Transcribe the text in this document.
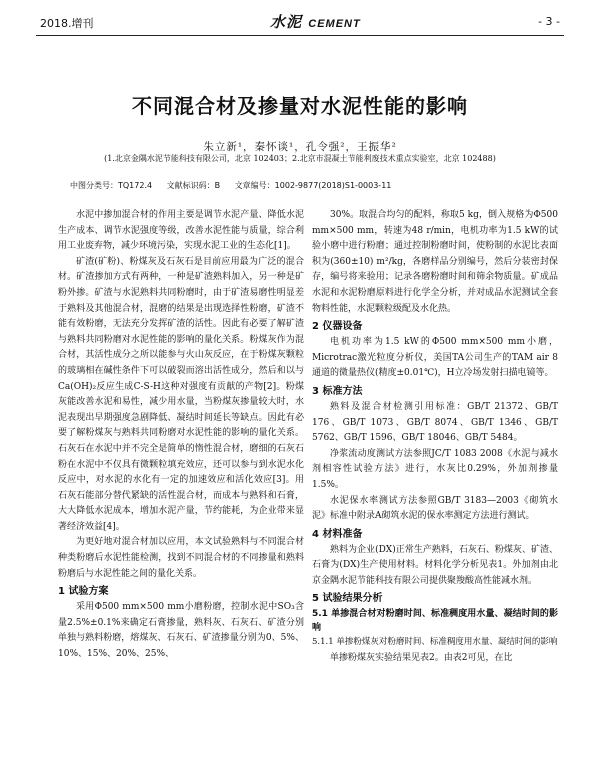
2018.增刊	水泥 CEMENT	- 3 -
不同混合材及掺量对水泥性能的影响
朱立新¹，秦怀谈¹，孔令强²，王振华²
(1.北京金隅水泥节能科技有限公司，北京 102403；2.北京市混凝土节能利废技术重点实验室，北京 102488)
中图分类号：TQ172.4 文献标识码：B 文章编号：1002-9877(2018)S1-0003-11

水泥中掺加混合材的作用主要是调节水泥产量、降低水泥生产成本、调节水泥强度等级，改善水泥性能与质量，综合利用工业废弃物，减少环境污染，实现水泥工业的生态化[1]。

矿渣(矿粉)、粉煤灰及石灰石是目前应用最为广泛的混合材。矿渣掺加方式有两种，一种是矿渣熟料加入，另一种是矿粉外掺。矿渣与水泥熟料共同粉磨时，由于矿渣易磨性明显差于熟料及其他混合材，混磨的结果是出现选择性粉磨，矿渣不能有效粉磨，无法充分发挥矿渣的活性。因此有必要了解矿渣与熟料共同粉磨对水泥性能的影响的量化关系。粉煤灰作为混合材，其活性成分之所以能参与火山灰反应，在于粉煤灰颗粒的玻璃相在碱性条件下可以破裂而溶出活性成分，然后和以与Ca(OH)₂反应生成C-S-H这种对强度有贡献的产物[2]。粉煤灰能改善水泥和易性，减少用水量，当粉煤灰掺量较大时，水泥表现出早期强度急剧降低、凝结时间延长等缺点。因此有必要了解粉煤灰与熟料共同粉磨对水泥性能的影响的量化关系。石灰石在水泥中并不完全是简单的惰性混合材，磨细的石灰石粉在水泥中不仅具有微颗粒填充效应，还可以参与到水泥水化反应中，对水泥的水化有一定的加速效应和活化效应[3]。用石灰石能部分替代紧缺的活性混合材，而成本与熟料和石膏，大大降低水泥成本，增加水泥产量，节约能耗，为企业带来显著经济效益[4]。

为更好地对混合材加以应用，本文试验熟料与不同混合材种类粉磨后水泥性能检测，找到不同混合材的不同掺量和熟料粉磨后与水泥性能之间的量化关系。

1 试验方案

采用Φ500 mm×500 mm小磨粉磨，控制水泥中SO₃含量2.5%±0.1%来确定石膏掺量，熟料灰、石灰石、矿渣分别单独与熟料粉磨，熔煤灰、石灰石、矿渣掺量分别为0、5%、10%、15%、20%、25%、

30%。取混合均匀的配料，称取5 kg，倒入规格为Φ500 mm×500 mm，转速为48 r/min，电机功率为1.5 kW的试验小磨中进行粉磨；通过控制粉磨时间，使粉制的水泥比表面积为(360±10) m²/kg，各磨样品分别编号，然后分装密封保存，编号将来验用；记录各磨粉磨时间和筛余物质量。矿成品水泥和水泥粉磨原料进行化学全分析，并对成品水泥测试全套物料性能，水泥颗粒级配及水化热。

2 仪器设备

电机功率为1.5 kW的Φ500 mm×500 mm小磨，Microtrac激光粒度分析仪，美国TA公司生产的TAM air 8通道的微量热仪(精度±0.01℃)，H立冷场发射扫描电镜等。

3 标准方法

熟料及混合材检测引用标准：GB/T 21372、GB/T 176、GB/T 1073、GB/T 8074、GB/T 1346、GB/T 5762、GB/T 1596、GB/T 18046、GB/T 5484。

净浆流动度测试方法参照JC/T 1083 2008《水泥与减水剂相容性试验方法》进行，水灰比0.29%，外加剂掺量1.5%。

水泥保水率测试方法参照GB/T 3183—2003《砌筑水泥》标准中附录A砌筑水泥的保水率测定方法进行测试。

4 材料准备

熟料为企业(DX)正常生产熟料，石灰石、粉煤灰、矿渣、石膏为(DX)生产使用材料。材料化学分析见表1。外加剂由北京金隅水泥节能科技有限公司提供聚羧酸高性能减水剂。

5 试验结果分析
5.1 单掺混合材对粉磨时间、标准稠度用水量、凝结时间的影响

5.1.1 单掺粉煤灰对粉磨时间、标准稠度用水量、凝结时间的影响

单掺粉煤灰实验结果见表2。由表2可见，在比
